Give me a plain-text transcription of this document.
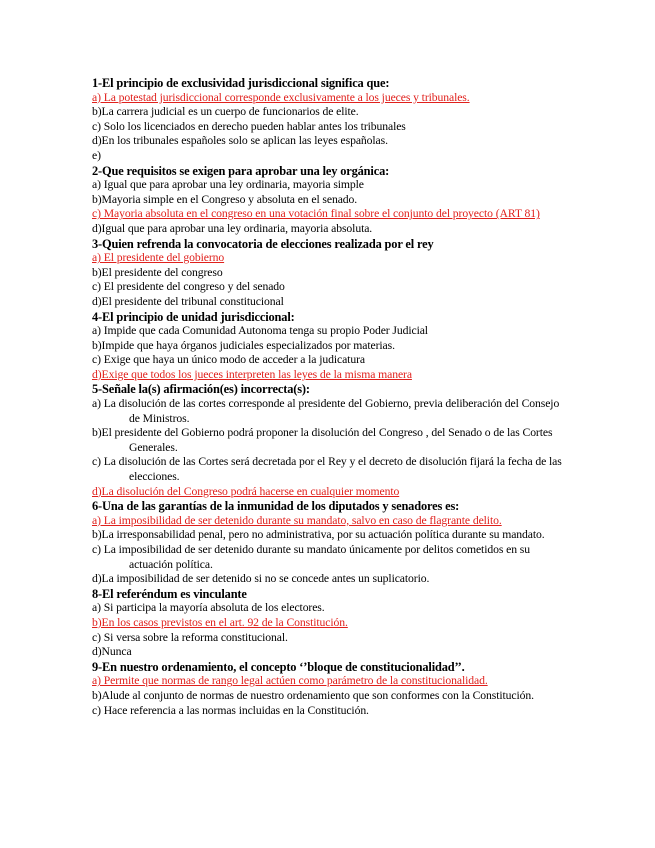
1-El principio de exclusividad jurisdiccional significa que:
a) La potestad jurisdiccional corresponde exclusivamente a los jueces y tribunales.
b)La carrera judicial es un cuerpo de funcionarios de elite.
c) Solo los licenciados en derecho pueden hablar antes los tribunales
d)En los tribunales españoles solo se aplican las leyes españolas.
e)
2-Que requisitos se exigen para aprobar una ley orgánica:
a) Igual que para aprobar una ley ordinaria, mayoria simple
b)Mayoria simple en el Congreso y absoluta en el senado.
c) Mayoria absoluta en el congreso en una votación final sobre el conjunto del proyecto (ART 81)
d)Igual que para aprobar una ley ordinaria, mayoria absoluta.
3-Quien refrenda la convocatoria de elecciones realizada por el rey
a) El presidente del gobierno
b)El presidente del congreso
c) El presidente del congreso y del senado
d)El presidente del tribunal constitucional
4-El principio de unidad jurisdiccional:
a) Impide que cada Comunidad Autonoma tenga su propio Poder Judicial
b)Impide que haya órganos judiciales especializados por materias.
c) Exige que haya un único modo de acceder a la judicatura
d)Exige que todos los jueces interpreten las leyes de la misma manera
5-Señale la(s) afirmación(es) incorrecta(s):
a) La disolución de las cortes corresponde al presidente del Gobierno, previa deliberación del Consejo de Ministros.
b)El presidente del Gobierno podrá proponer la disolución del Congreso , del Senado o de las Cortes Generales.
c) La disolución de las Cortes será decretada por el Rey y el decreto de disolución fijará la fecha de las elecciones.
d)La disolución del Congreso podrá hacerse en cualquier momento
6-Una de las garantías de la inmunidad de los diputados y senadores es:
a) La imposibilidad de ser detenido durante su mandato, salvo en caso de flagrante delito.
b)La irresponsabilidad penal, pero no administrativa, por su actuación política durante su mandato.
c) La imposibilidad de ser detenido durante su mandato únicamente por delitos cometidos en su actuación política.
d)La imposibilidad de ser detenido si no se concede antes un suplicatorio.
8-El referéndum es vinculante
a) Si participa la mayoría absoluta de los electores.
b)En los casos previstos en el art. 92 de la Constitución.
c) Si versa sobre la reforma constitucional.
d)Nunca
9-En nuestro ordenamiento, el concepto ‘’bloque de constitucionalidad’’.
a) Permite que normas de rango legal actúen como parámetro de la constitucionalidad.
b)Alude al conjunto de normas de nuestro ordenamiento que son conformes con la Constitución.
c) Hace referencia a las normas incluidas en la Constitución.
